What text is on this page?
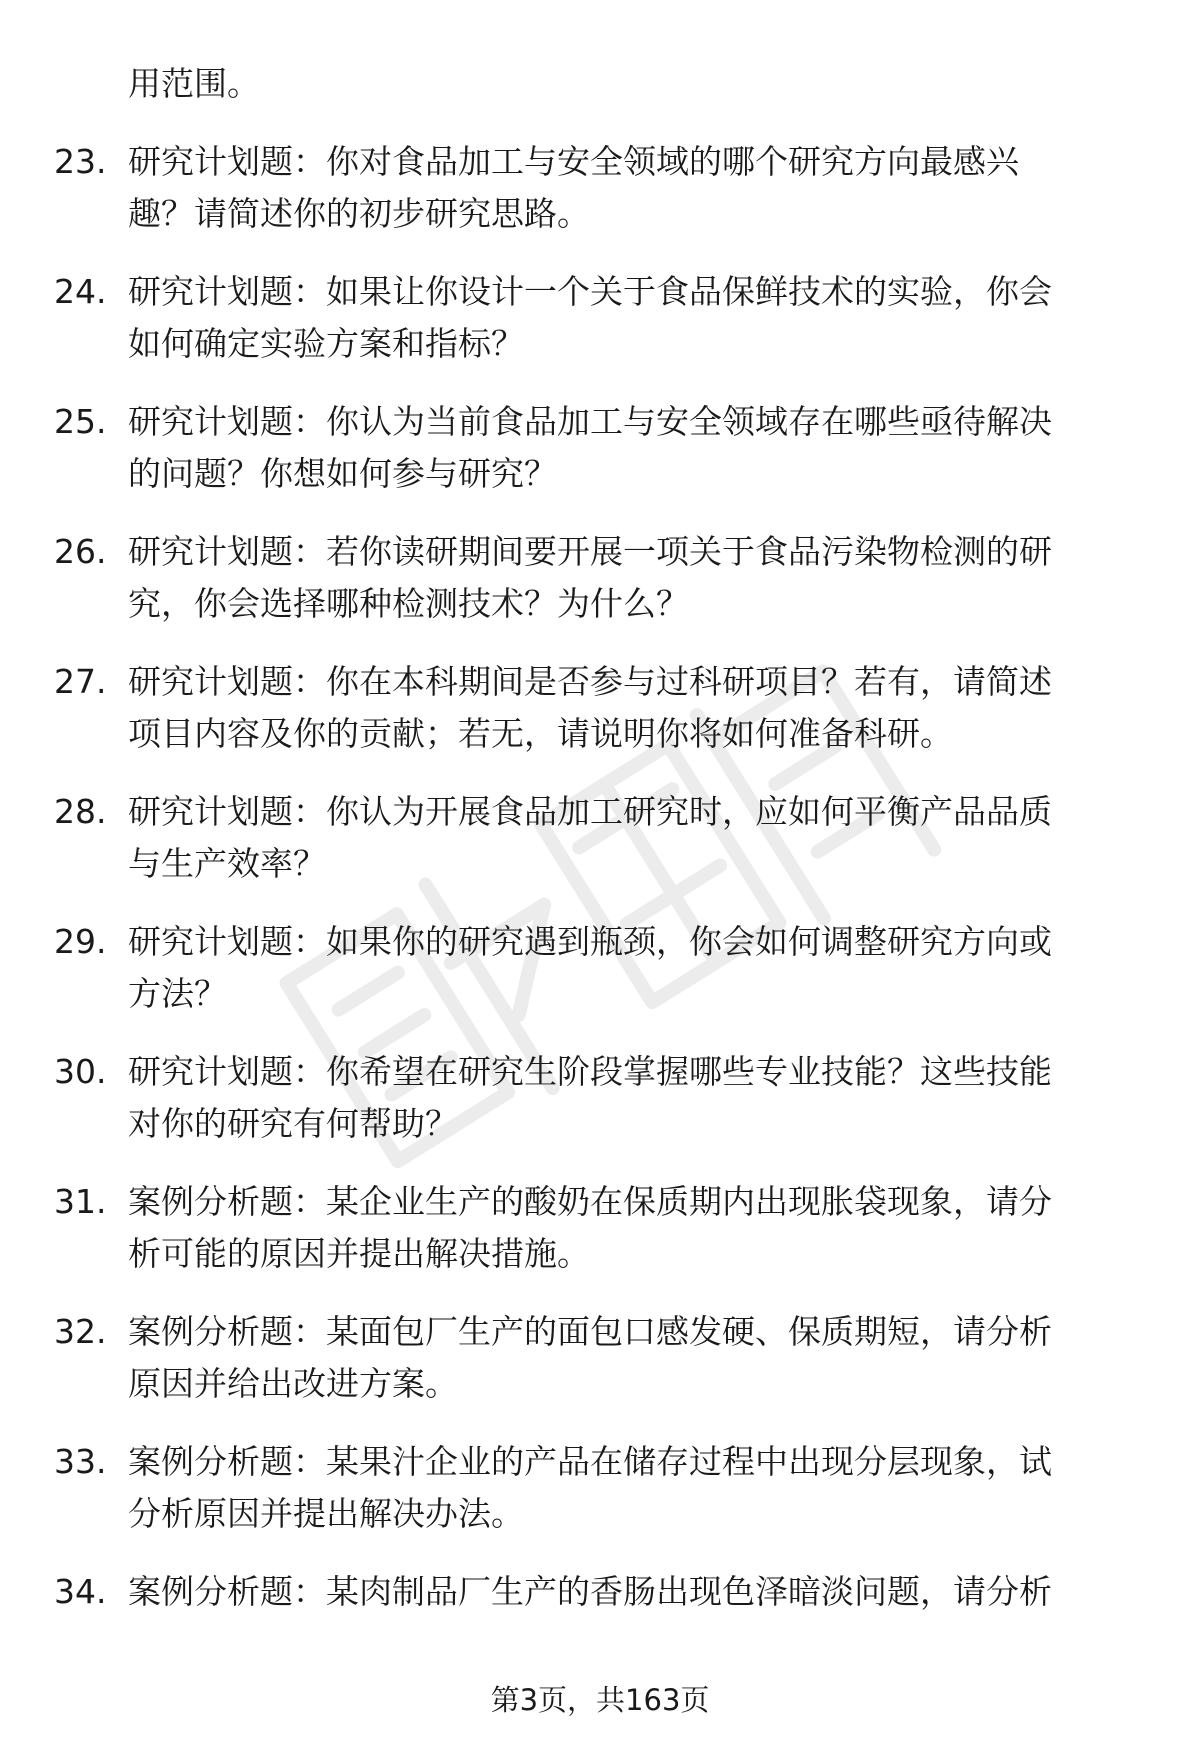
用范围。
23. 研究计划题：你对食品加工与安全领域的哪个研究方向最感兴
趣？请简述你的初步研究思路。
24. 研究计划题：如果让你设计一个关于食品保鲜技术的实验，你会
如何确定实验方案和指标？
25. 研究计划题：你认为当前食品加工与安全领域存在哪些亟待解决
的问题？你想如何参与研究？
26. 研究计划题：若你读研期间要开展一项关于食品污染物检测的研
究，你会选择哪种检测技术？为什么？
27. 研究计划题：你在本科期间是否参与过科研项目？若有，请简述
项目内容及你的贡献；若无，请说明你将如何准备科研。
28. 研究计划题：你认为开展食品加工研究时，应如何平衡产品品质
与生产效率？
29. 研究计划题：如果你的研究遇到瓶颈，你会如何调整研究方向或
方法？
30. 研究计划题：你希望在研究生阶段掌握哪些专业技能？这些技能
对你的研究有何帮助？
31. 案例分析题：某企业生产的酸奶在保质期内出现胀袋现象，请分
析可能的原因并提出解决措施。
32. 案例分析题：某面包厂生产的面包口感发硬、保质期短，请分析
原因并给出改进方案。
33. 案例分析题：某果汁企业的产品在储存过程中出现分层现象，试
分析原因并提出解决办法。
34. 案例分析题：某肉制品厂生产的香肠出现色泽暗淡问题，请分析
第3页，共163页
